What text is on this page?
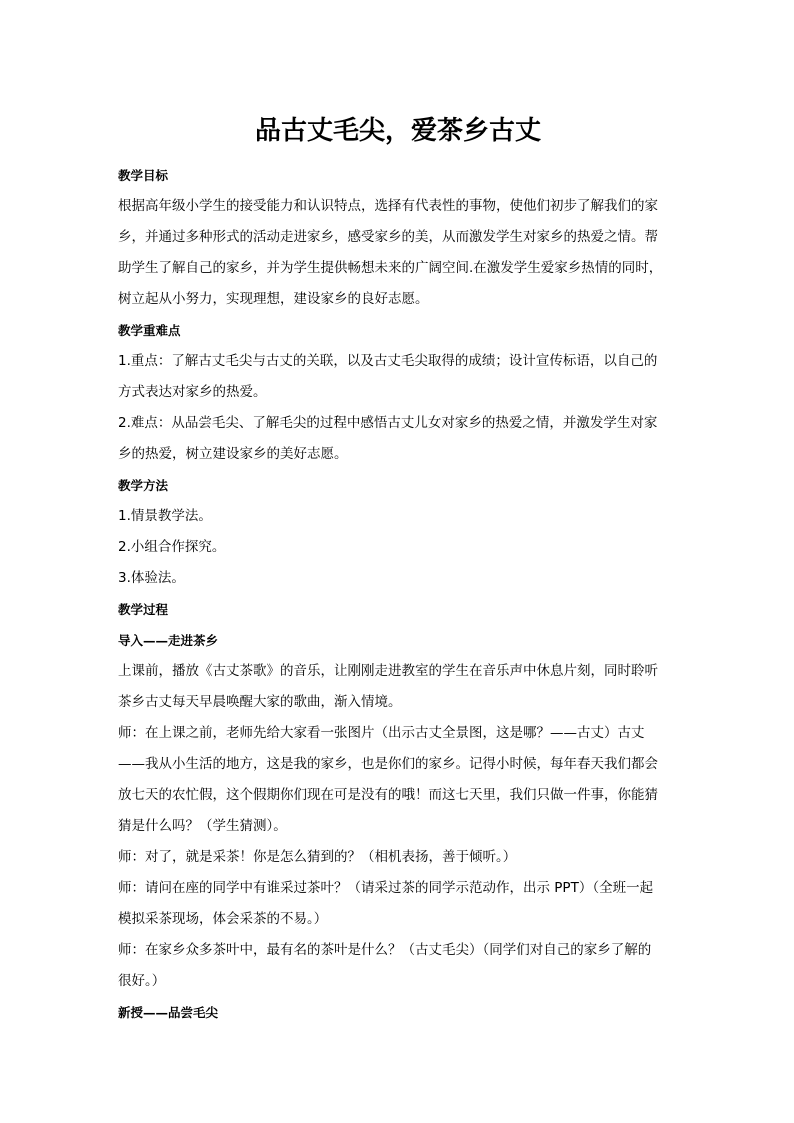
品古丈毛尖，爱茶乡古丈
教学目标
根据高年级小学生的接受能力和认识特点，选择有代表性的事物，使他们初步了解我们的家
乡，并通过多种形式的活动走进家乡，感受家乡的美，从而激发学生对家乡的热爱之情。帮
助学生了解自己的家乡，并为学生提供畅想未来的广阔空间.在激发学生爱家乡热情的同时，
树立起从小努力，实现理想，建设家乡的良好志愿。
教学重难点
1.重点：了解古丈毛尖与古丈的关联，以及古丈毛尖取得的成绩；设计宣传标语，以自己的
方式表达对家乡的热爱。
2.难点：从品尝毛尖、了解毛尖的过程中感悟古丈儿女对家乡的热爱之情，并激发学生对家
乡的热爱，树立建设家乡的美好志愿。
教学方法
1.情景教学法。
2.小组合作探究。
3.体验法。
教学过程
导入——走进茶乡
上课前，播放《古丈茶歌》的音乐，让刚刚走进教室的学生在音乐声中休息片刻，同时聆听
茶乡古丈每天早晨唤醒大家的歌曲，渐入情境。
师：在上课之前，老师先给大家看一张图片（出示古丈全景图，这是哪？——古丈）古丈
——我从小生活的地方，这是我的家乡，也是你们的家乡。记得小时候，每年春天我们都会
放七天的农忙假，这个假期你们现在可是没有的哦！而这七天里，我们只做一件事，你能猜
猜是什么吗？（学生猜测）。
师：对了，就是采茶！你是怎么猜到的？（相机表扬，善于倾听。）
师：请问在座的同学中有谁采过茶叶？（请采过茶的同学示范动作，出示 PPT）（全班一起
模拟采茶现场，体会采茶的不易。）
师：在家乡众多茶叶中，最有名的茶叶是什么？（古丈毛尖）（同学们对自己的家乡了解的
很好。）
新授——品尝毛尖
